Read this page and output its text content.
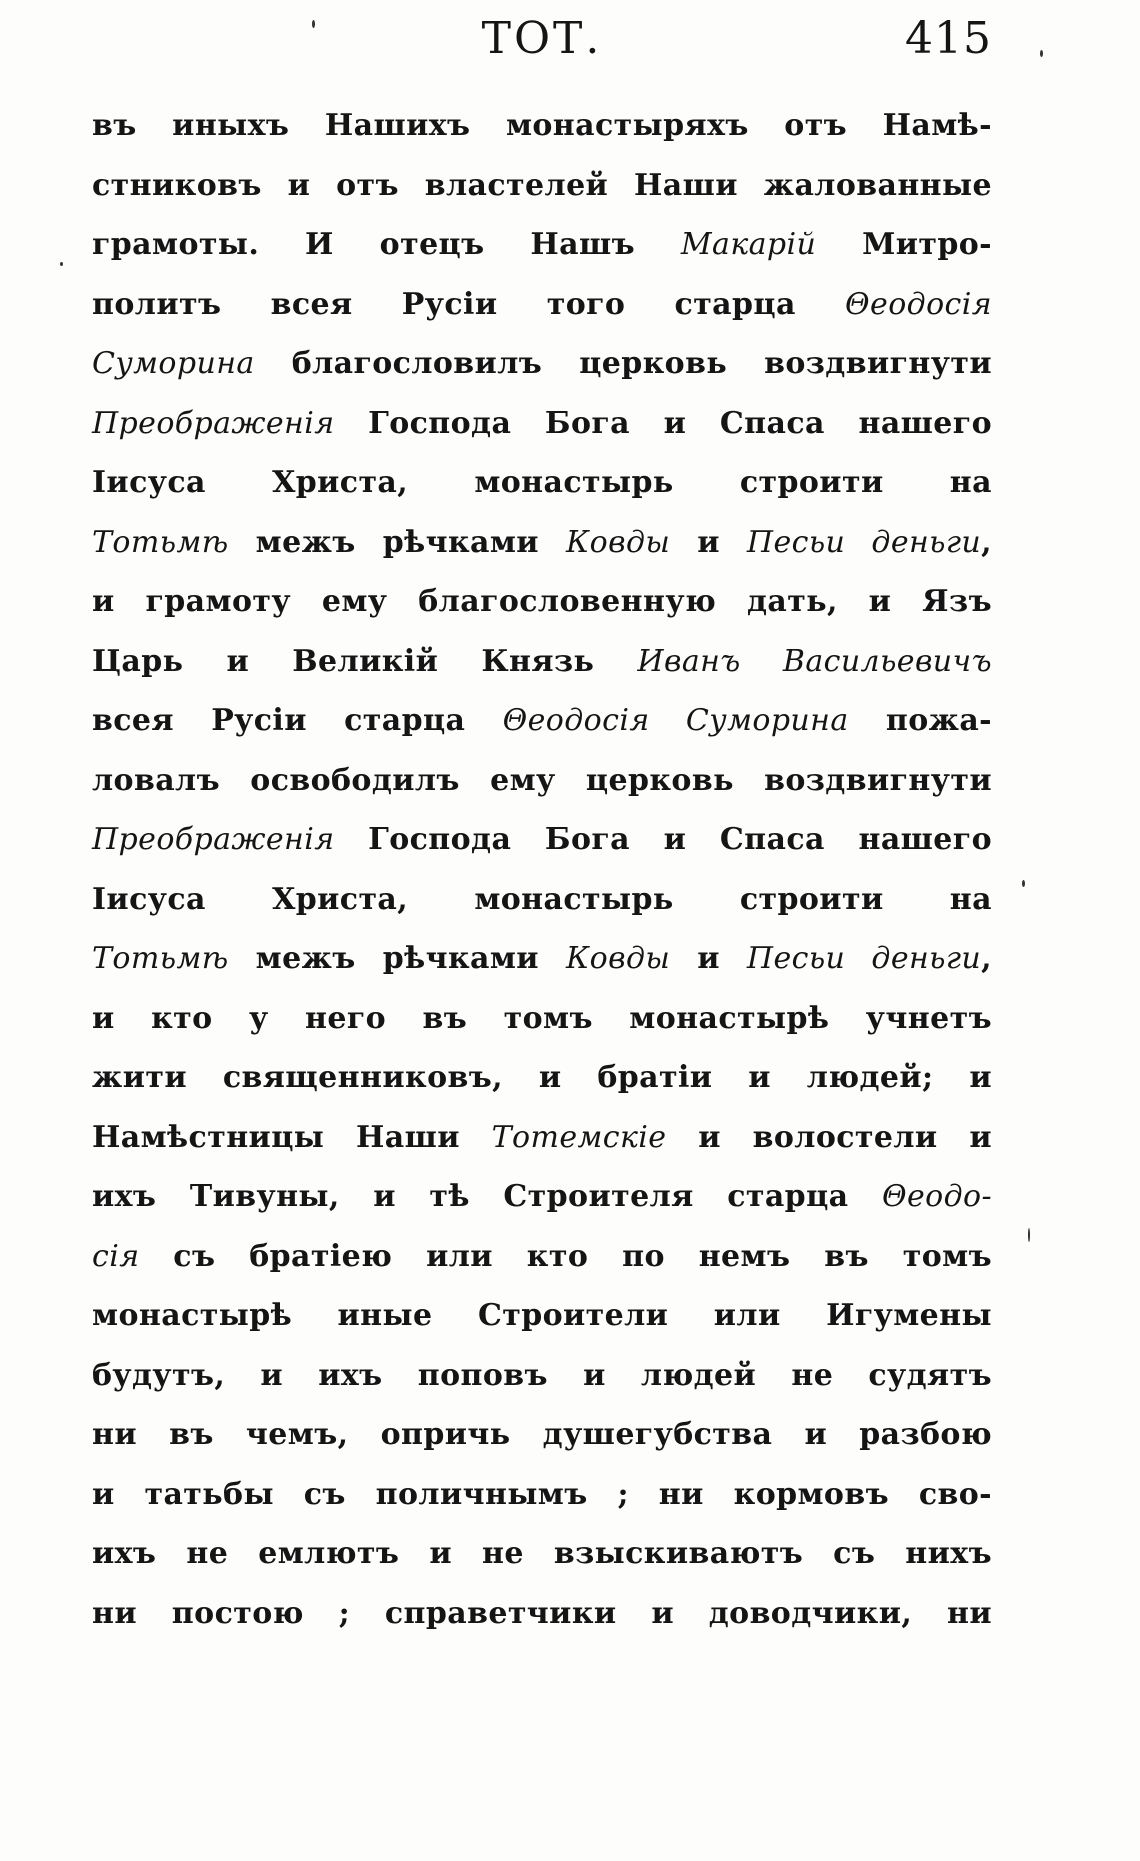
ТОТ.	415
въ иныхъ Нашихъ монастыряхъ отъ Намѣ-
стниковъ и отъ властелей Наши жалованные
грамоты. И отецъ Нашъ Макарiй Митро-
политъ всея Русiи того старца Θеодосiя
Суморина благословилъ церковь воздвигнути
Преображенiя Господа Бога и Спаса нашего
Iисуса Христа, монастырь строити на
Тотьмѣ межъ рѣчками Ковды и Песьи деньги,
и грамоту ему благословенную дать, и Язъ
Царь и Великiй Князь Иванъ Васильевичъ
всея Русiи старца Θеодосiя Суморина пожа-
ловалъ освободилъ ему церковь воздвигнути
Преображенiя Господа Бога и Спаса нашего
Iисуса Христа, монастырь строити на
Тотьмѣ межъ рѣчками Ковды и Песьи деньги,
и кто у него въ томъ монастырѣ учнетъ
жити священниковъ, и братiи и людей; и
Намѣстницы Наши Тотемскiе и волостели и
ихъ Тивуны, и тѣ Строителя старца Θеодо-
сiя съ братiею или кто по немъ въ томъ
монастырѣ иные Строители или Игумены
будутъ, и ихъ поповъ и людей не судятъ
ни въ чемъ, опричь душегубства и разбою
и татьбы съ поличнымъ ; ни кормовъ сво-
ихъ не емлютъ и не взыскиваютъ съ нихъ
ни постою ; справетчики и доводчики, ни
